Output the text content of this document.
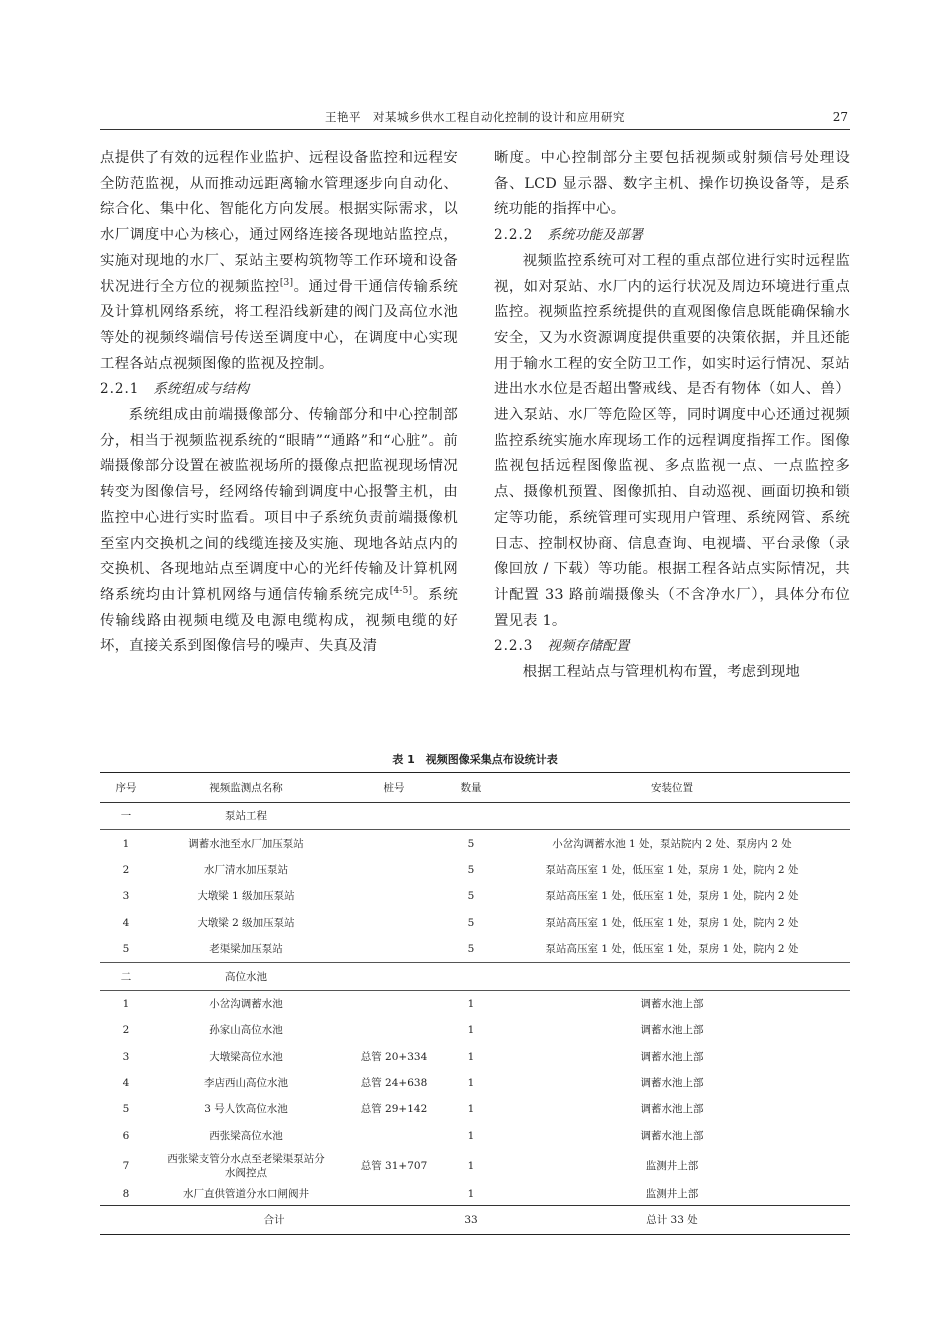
王艳平　对某城乡供水工程自动化控制的设计和应用研究	27

点提供了有效的远程作业监护、远程设备监控和远程安全防范监视，从而推动远距离输水管理逐步向自动化、综合化、集中化、智能化方向发展。根据实际需求，以水厂调度中心为核心，通过网络连接各现地站监控点，实施对现地的水厂、泵站主要构筑物等工作环境和设备状况进行全方位的视频监控[3]。通过骨干通信传输系统及计算机网络系统，将工程沿线新建的阀门及高位水池等处的视频终端信号传送至调度中心，在调度中心实现工程各站点视频图像的监视及控制。

2.2.1 系统组成与结构

系统组成由前端摄像部分、传输部分和中心控制部分，相当于视频监视系统的“眼睛”“通路”和“心脏”。前端摄像部分设置在被监视场所的摄像点把监视现场情况转变为图像信号，经网络传输到调度中心报警主机，由监控中心进行实时监看。项目中子系统负责前端摄像机至室内交换机之间的线缆连接及实施、现地各站点内的交换机、各现地站点至调度中心的光纤传输及计算机网络系统均由计算机网络与通信传输系统完成[4-5]。系统传输线路由视频电缆及电源电缆构成，视频电缆的好坏，直接关系到图像信号的噪声、失真及清

晰度。中心控制部分主要包括视频或射频信号处理设备、LCD 显示器、数字主机、操作切换设备等，是系统功能的指挥中心。

2.2.2 系统功能及部署

视频监控系统可对工程的重点部位进行实时远程监视，如对泵站、水厂内的运行状况及周边环境进行重点监控。视频监控系统提供的直观图像信息既能确保输水安全，又为水资源调度提供重要的决策依据，并且还能用于输水工程的安全防卫工作，如实时运行情况、泵站进出水水位是否超出警戒线、是否有物体（如人、兽）进入泵站、水厂等危险区等，同时调度中心还通过视频监控系统实施水库现场工作的远程调度指挥工作。图像监视包括远程图像监视、多点监视一点、一点监控多点、摄像机预置、图像抓拍、自动巡视、画面切换和锁定等功能，系统管理可实现用户管理、系统网管、系统日志、控制权协商、信息查询、电视墙、平台录像（录像回放 / 下载）等功能。根据工程各站点实际情况，共计配置 33 路前端摄像头（不含净水厂），具体分布位置见表 1。

2.2.3 视频存储配置

根据工程站点与管理机构布置，考虑到现地

表 1　视频图像采集点布设统计表
序号	视频监测点名称	桩号	数量	安装位置
一	泵站工程			
1	调蓄水池至水厂加压泵站		5	小岔沟调蓄水池 1 处，泵站院内 2 处、泵房内 2 处
2	水厂清水加压泵站		5	泵站高压室 1 处，低压室 1 处，泵房 1 处，院内 2 处
3	大墩梁 1 级加压泵站		5	泵站高压室 1 处，低压室 1 处，泵房 1 处，院内 2 处
4	大墩梁 2 级加压泵站		5	泵站高压室 1 处，低压室 1 处，泵房 1 处，院内 2 处
5	老渠梁加压泵站		5	泵站高压室 1 处，低压室 1 处，泵房 1 处，院内 2 处
二	高位水池			
1	小岔沟调蓄水池		1	调蓄水池上部
2	孙家山高位水池		1	调蓄水池上部
3	大墩梁高位水池	总管 20+334	1	调蓄水池上部
4	李店西山高位水池	总管 24+638	1	调蓄水池上部
5	3 号人饮高位水池	总管 29+142	1	调蓄水池上部
6	西张梁高位水池		1	调蓄水池上部
7	西张梁支管分水点至老梁渠泵站分水阀控点	总管 31+707	1	监测井上部
8	水厂直供管道分水口闸阀井		1	监测井上部
合计			33	总计 33 处
